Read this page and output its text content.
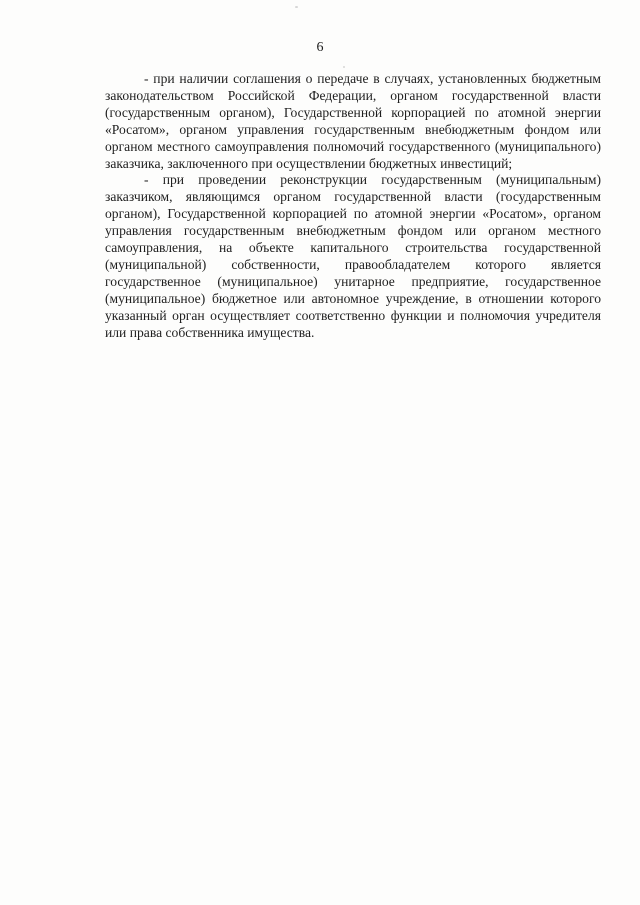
6

- при наличии соглашения о передаче в случаях, установленных бюджетным законодательством Российской Федерации, органом государственной власти (государственным органом), Государственной корпорацией по атомной энергии «Росатом», органом управления государственным внебюджетным фондом или органом местного самоуправления полномочий государственного (муниципального) заказчика, заключенного при осуществлении бюджетных инвестиций;

- при проведении реконструкции государственным (муниципальным) заказчиком, являющимся органом государственной власти (государственным органом), Государственной корпорацией по атомной энергии «Росатом», органом управления государственным внебюджетным фондом или органом местного самоуправления, на объекте капитального строительства государственной (муниципальной) собственности, правообладателем которого является государственное (муниципальное) унитарное предприятие, государственное (муниципальное) бюджетное или автономное учреждение, в отношении которого указанный орган осуществляет соответственно функции и полномочия учредителя или права собственника имущества.
